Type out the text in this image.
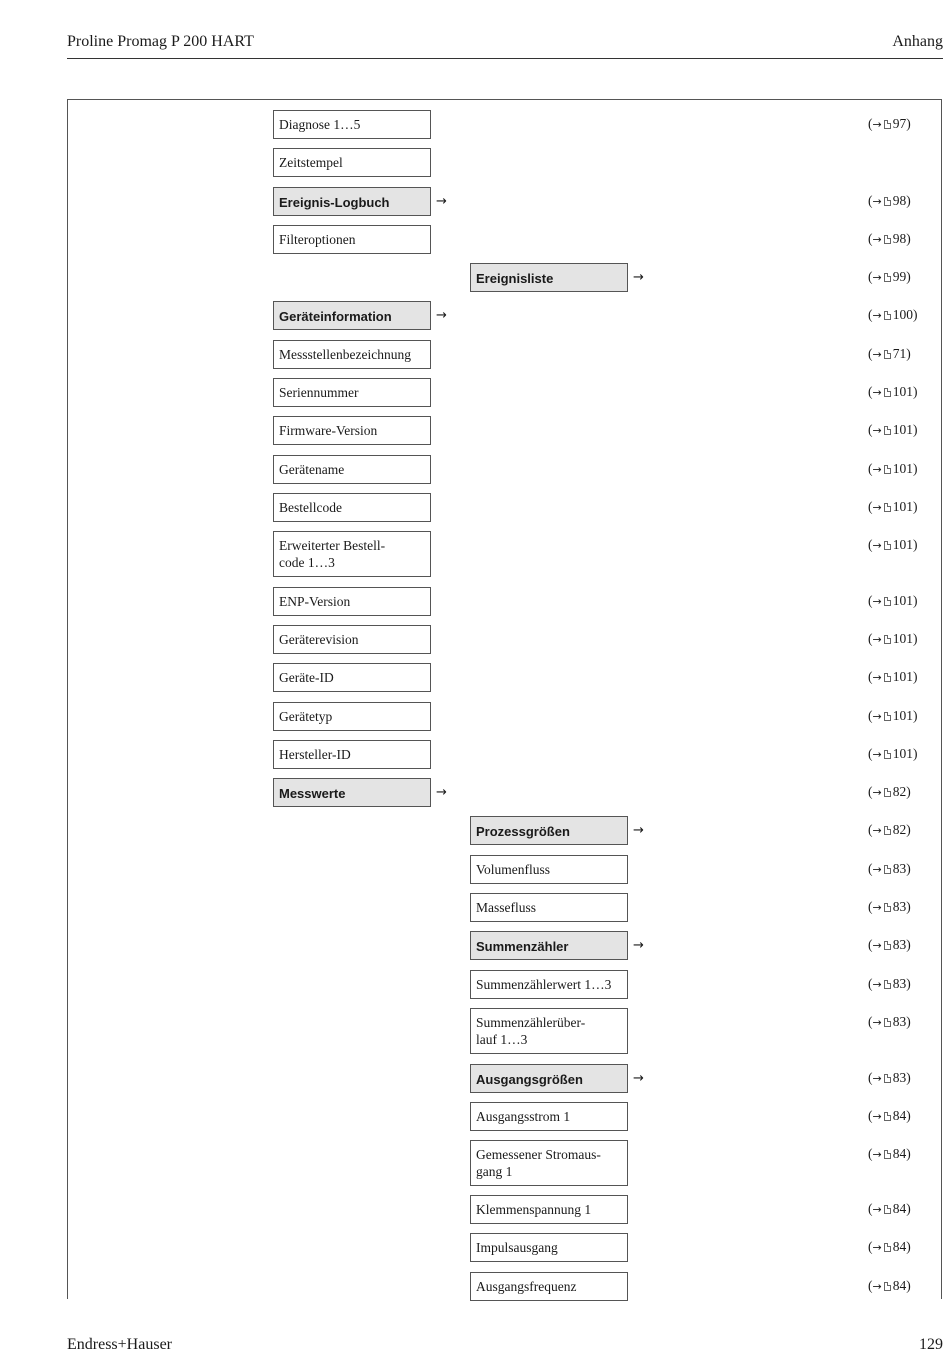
Proline Promag P 200 HART	Anhang
Diagnose 1…5	(→ 97)
Zeitstempel
Ereignis-Logbuch	→	(→ 98)
Filteroptionen	(→ 98)
Ereignisliste	→	(→ 99)
Geräteinformation	→	(→ 100)
Messstellenbezeichnung	(→ 71)
Seriennummer	(→ 101)
Firmware-Version	(→ 101)
Gerätename	(→ 101)
Bestellcode	(→ 101)
Erweiterter Bestell-
code 1…3
(→ 101)
ENP-Version	(→ 101)
Geräterevision	(→ 101)
Geräte-ID	(→ 101)
Gerätetyp	(→ 101)
Hersteller-ID	(→ 101)
Messwerte	→	(→ 82)
Prozessgrößen	→	(→ 82)
Volumenfluss	(→ 83)
Massefluss	(→ 83)
Summenzähler	→	(→ 83)
Summenzählerwert 1…3	(→ 83)
Summenzählerüber-
lauf 1…3
(→ 83)
Ausgangsgrößen	→	(→ 83)
Ausgangsstrom 1	(→ 84)
Gemessener Stromaus-
gang 1
(→ 84)
Klemmenspannung 1	(→ 84)
Impulsausgang	(→ 84)
Ausgangsfrequenz	(→ 84)
Endress+Hauser	129
